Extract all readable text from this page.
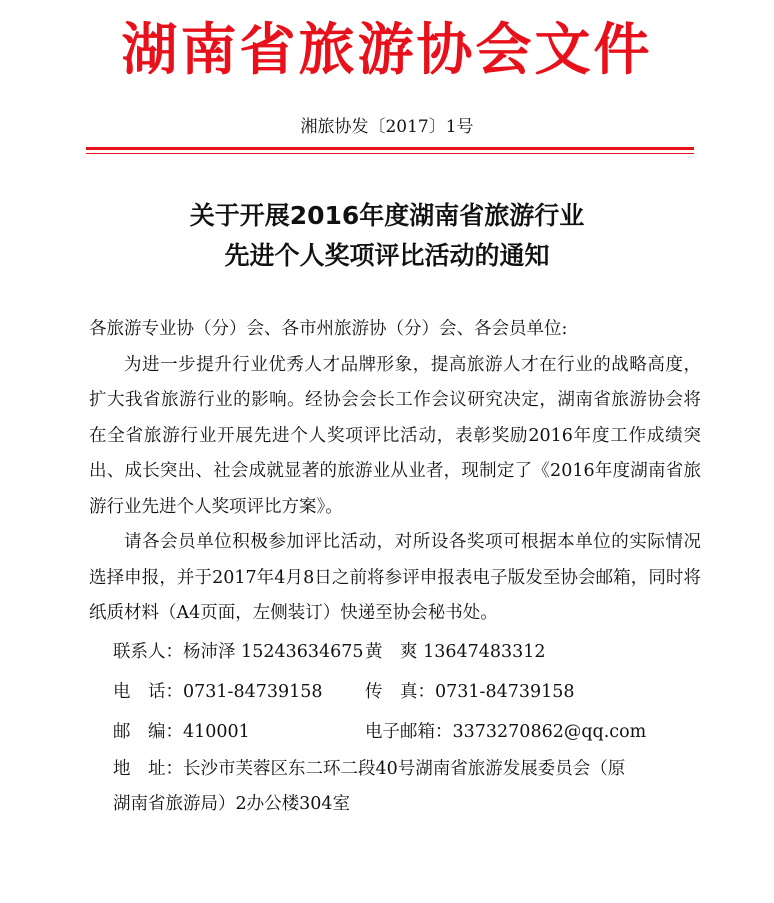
湖南省旅游协会文件
湘旅协发〔2017〕1号
关于开展2016年度湖南省旅游行业
先进个人奖项评比活动的通知

各旅游专业协（分）会、各市州旅游协（分）会、各会员单位:

为进一步提升行业优秀人才品牌形象，提高旅游人才在行业的战略高度，扩大我省旅游行业的影响。经协会会长工作会议研究决定，湖南省旅游协会将在全省旅游行业开展先进个人奖项评比活动，表彰奖励2016年度工作成绩突出、成长突出、社会成就显著的旅游业从业者，现制定了《2016年度湖南省旅游行业先进个人奖项评比方案》。

请各会员单位积极参加评比活动，对所设各奖项可根据本单位的实际情况选择申报，并于2017年4月8日之前将参评申报表电子版发至协会邮箱，同时将纸质材料（A4页面，左侧装订）快递至协会秘书处。

联系人：杨沛泽 15243634675 黄　爽 13647483312
电　话：0731-84739158 传　真：0731-84739158
邮　编：410001	电子邮箱：3373270862@qq.com
地　址：长沙市芙蓉区东二环二段40号湖南省旅游发展委员会（原
湖南省旅游局）2办公楼304室
